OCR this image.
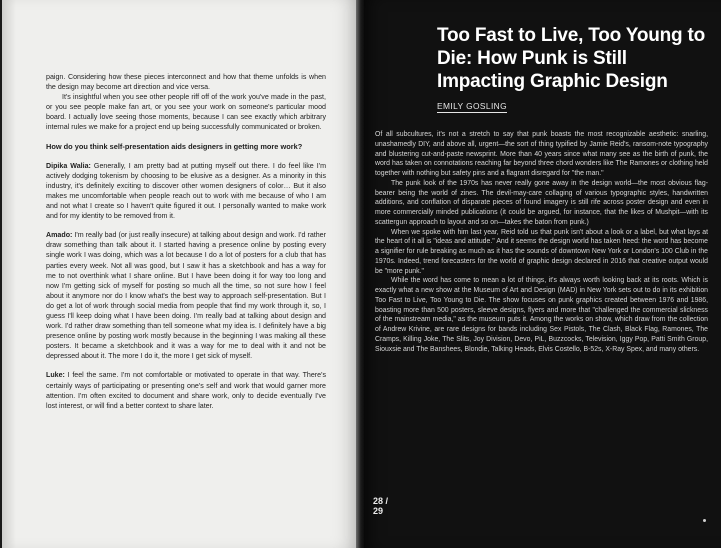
paign. Considering how these pieces interconnect and how that theme unfolds is when the design may become art direction and vice versa.

It's insightful when you see other people riff off of the work you've made in the past, or you see people make fan art, or you see your work on someone's particular mood board. I actually love seeing those moments, because I can see exactly which arbitrary internal rules we make for a project end up being successfully communicated or broken.

How do you think self-presentation aids designers in getting more work?

Dipika Walia: Generally, I am pretty bad at putting myself out there. I do feel like I'm actively dodging tokenism by choosing to be elusive as a designer. As a minority in this industry, it's definitely exciting to discover other women designers of color… But it also makes me uncomfortable when people reach out to work with me because of who I am and not what I create so I haven't quite figured it out. I personally wanted to make work and for my identity to be removed from it.

Amado: I'm really bad (or just really insecure) at talking about design and work. I'd rather draw something than talk about it. I started having a presence online by posting every single work I was doing, which was a lot because I do a lot of posters for a club that has parties every week. Not all was good, but I saw it has a sketchbook and has a way for me to not overthink what I share online. But I have been doing it for way too long and now I'm getting sick of myself for posting so much all the time, so not sure how I feel about it anymore nor do I know what's the best way to approach self-presentation. But I do get a lot of work through social media from people that find my work through it, so, I guess I'll keep doing what I have been doing. I'm really bad at talking about design and work. I'd rather draw something than tell someone what my idea is. I definitely have a big presence online by posting work mostly because in the beginning I was making all these posters. It became a sketchbook and it was a way for me to deal with it and not be depressed about it. The more I do it, the more I get sick of myself.

Luke: I feel the same. I'm not comfortable or motivated to operate in that way. There's certainly ways of participating or presenting one's self and work that would garner more attention. I'm often excited to document and share work, only to decide eventually I've lost interest, or will find a better context to share later.

Too Fast to Live, Too Young to Die: How Punk is Still Impacting Graphic Design
EMILY GOSLING

Of all subcultures, it's not a stretch to say that punk boasts the most recognizable aesthetic: snarling, unashamedly DIY, and above all, urgent—the sort of thing typified by Jamie Reid's, ransom-note typography and blustering cut-and-paste newsprint. More than 40 years since what many see as the birth of punk, the word has taken on connotations reaching far beyond three chord wonders like The Ramones or clothing held together with nothing but safety pins and a flagrant disregard for "the man."

The punk look of the 1970s has never really gone away in the design world—the most obvious flag-bearer being the world of zines. The devil-may-care collaging of various typographic styles, handwritten additions, and conflation of disparate pieces of found imagery is still rife across poster design and even in more commercially minded publications (it could be argued, for instance, that the likes of Mushpit—with its scattergun approach to layout and so on—takes the baton from punk.)

When we spoke with him last year, Reid told us that punk isn't about a look or a label, but what lays at the heart of it all is "ideas and attitude." And it seems the design world has taken heed: the word has become a signifier for rule breaking as much as it has the sounds of downtown New York or London's 100 Club in the 1970s. Indeed, trend forecasters for the world of graphic design declared in 2016 that creative output would be "more punk."

While the word has come to mean a lot of things, it's always worth looking back at its roots. Which is exactly what a new show at the Museum of Art and Design (MAD) in New York sets out to do in its exhibition Too Fast to Live, Too Young to Die. The show focuses on punk graphics created between 1976 and 1986, boasting more than 500 posters, sleeve designs, flyers and more that "challenged the commercial slickness of the mainstream media," as the museum puts it. Among the works on show, which draw from the collection of Andrew Krivine, are rare designs for bands including Sex Pistols, The Clash, Black Flag, Ramones, The Cramps, Killing Joke, The Slits, Joy Division, Devo, PiL, Buzzcocks, Television, Iggy Pop, Patti Smith Group, Siouxsie and The Banshees, Blondie, Talking Heads, Elvis Costello, B-52s, X-Ray Spex, and many others.

28 /
29
